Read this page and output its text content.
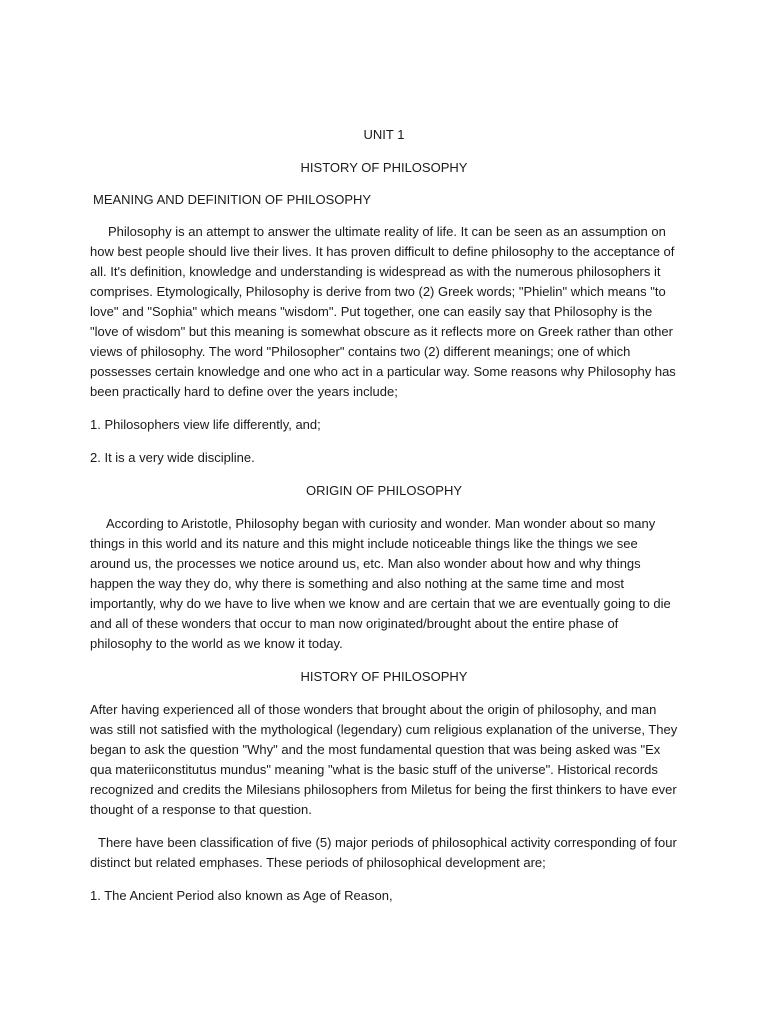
UNIT 1

HISTORY OF PHILOSOPHY

MEANING AND DEFINITION OF PHILOSOPHY

Philosophy is an attempt to answer the ultimate reality of life. It can be seen as an assumption on how best people should live their lives. It has proven difficult to define philosophy to the acceptance of all. It's definition, knowledge and understanding is widespread as with the numerous philosophers it comprises. Etymologically, Philosophy is derive from two (2) Greek words; "Phielin" which means "to love" and "Sophia" which means "wisdom". Put together, one can easily say that Philosophy is the "love of wisdom" but this meaning is somewhat obscure as it reflects more on Greek rather than other views of philosophy. The word "Philosopher" contains two (2) different meanings; one of which possesses certain knowledge and one who act in a particular way. Some reasons why Philosophy has been practically hard to define over the years include;

1. Philosophers view life differently, and;

2. It is a very wide discipline.

ORIGIN OF PHILOSOPHY

According to Aristotle, Philosophy began with curiosity and wonder. Man wonder about so many things in this world and its nature and this might include noticeable things like the things we see around us, the processes we notice around us, etc. Man also wonder about how and why things happen the way they do, why there is something and also nothing at the same time and most importantly, why do we have to live when we know and are certain that we are eventually going to die and all of these wonders that occur to man now originated/brought about the entire phase of philosophy to the world as we know it today.

HISTORY OF PHILOSOPHY

After having experienced all of those wonders that brought about the origin of philosophy, and man was still not satisfied with the mythological (legendary) cum religious explanation of the universe, They began to ask the question "Why" and the most fundamental question that was being asked was "Ex qua materiiconstitutus mundus" meaning "what is the basic stuff of the universe". Historical records recognized and credits the Milesians philosophers from Miletus for being the first thinkers to have ever thought of a response to that question.

There have been classification of five (5) major periods of philosophical activity corresponding of four distinct but related emphases. These periods of philosophical development are;

1. The Ancient Period also known as Age of Reason,
